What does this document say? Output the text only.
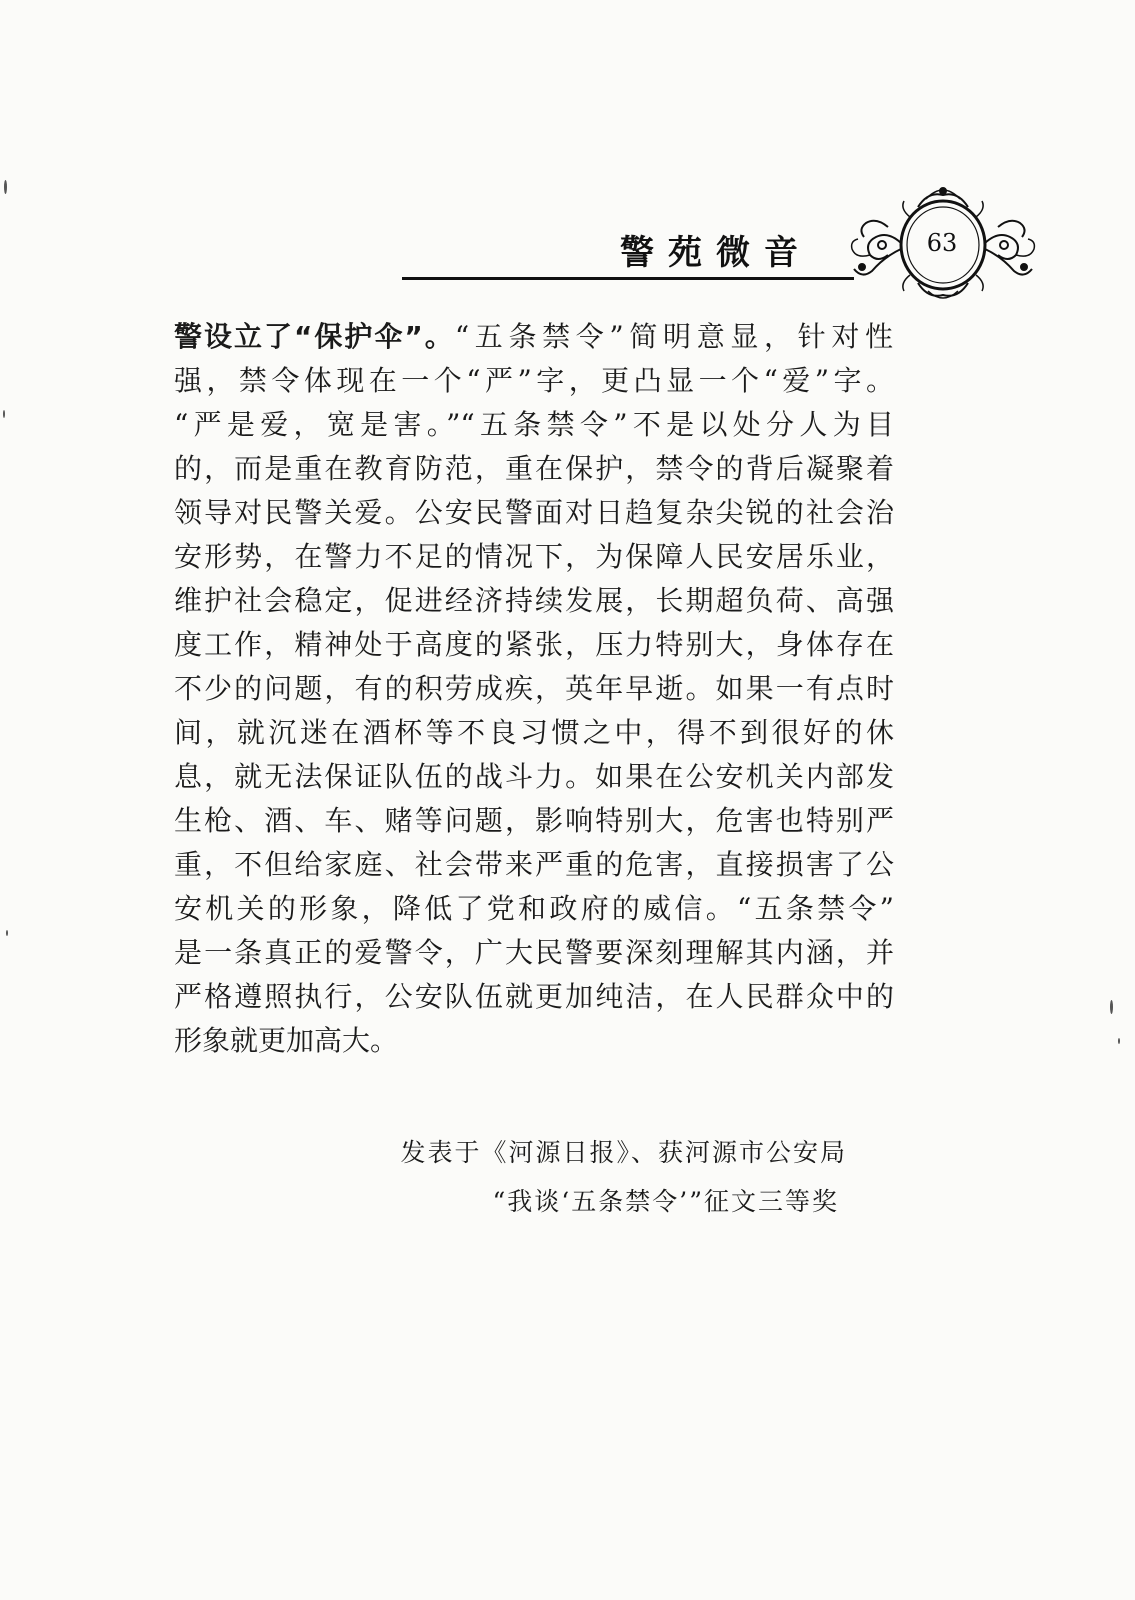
警苑微音	63
警设立了“保护伞”。 “五条禁令”简明意显，针对性
强，禁令体现在一个“严”字，更凸显一个“爱”字。
“严是爱，宽是害。”“五条禁令”不是以处分人为目
的，而是重在教育防范，重在保护，禁令的背后凝聚着
领导对民警关爱。公安民警面对日趋复杂尖锐的社会治
安形势，在警力不足的情况下，为保障人民安居乐业，
维护社会稳定，促进经济持续发展，长期超负荷、高强
度工作，精神处于高度的紧张，压力特别大，身体存在
不少的问题，有的积劳成疾，英年早逝。如果一有点时
间，就沉迷在酒杯等不良习惯之中，得不到很好的休
息，就无法保证队伍的战斗力。如果在公安机关内部发
生枪、酒、车、赌等问题，影响特别大，危害也特别严
重，不但给家庭、社会带来严重的危害，直接损害了公
安机关的形象，降低了党和政府的威信。“五条禁令”
是一条真正的爱警令，广大民警要深刻理解其内涵，并
严格遵照执行，公安队伍就更加纯洁，在人民群众中的
形象就更加高大。
发表于《河源日报》、获河源市公安局
“我谈‘五条禁令’”征文三等奖
